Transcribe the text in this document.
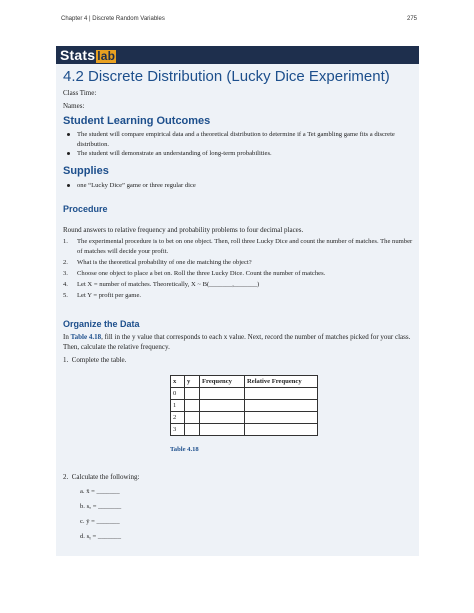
Chapter 4 | Discrete Random Variables	275
Stats lab
4.2 Discrete Distribution (Lucky Dice Experiment)
Class Time:
Names:
Student Learning Outcomes
The student will compare empirical data and a theoretical distribution to determine if a Tet gambling game fits a discrete distribution.
The student will demonstrate an understanding of long-term probabilities.
Supplies
one “Lucky Dice” game or three regular dice
Procedure
Round answers to relative frequency and probability problems to four decimal places.
1. The experimental procedure is to bet on one object. Then, roll three Lucky Dice and count the number of matches. The number of matches will decide your profit.
2. What is the theoretical probability of one die matching the object?
3. Choose one object to place a bet on. Roll the three Lucky Dice. Count the number of matches.
4. Let X = number of matches. Theoretically, X ~ B(_______,_______)
5. Let Y = profit per game.
Organize the Data
In Table 4.18, fill in the y value that corresponds to each x value. Next, record the number of matches picked for your class. Then, calculate the relative frequency.
1.  Complete the table.
x	y	Frequency	Relative Frequency
0			
1			
2			
3			
Table 4.18
2.  Calculate the following:
a. x̄ = _______
b. sₓ = _______
c. ȳ = _______
d. sᵧ = _______
